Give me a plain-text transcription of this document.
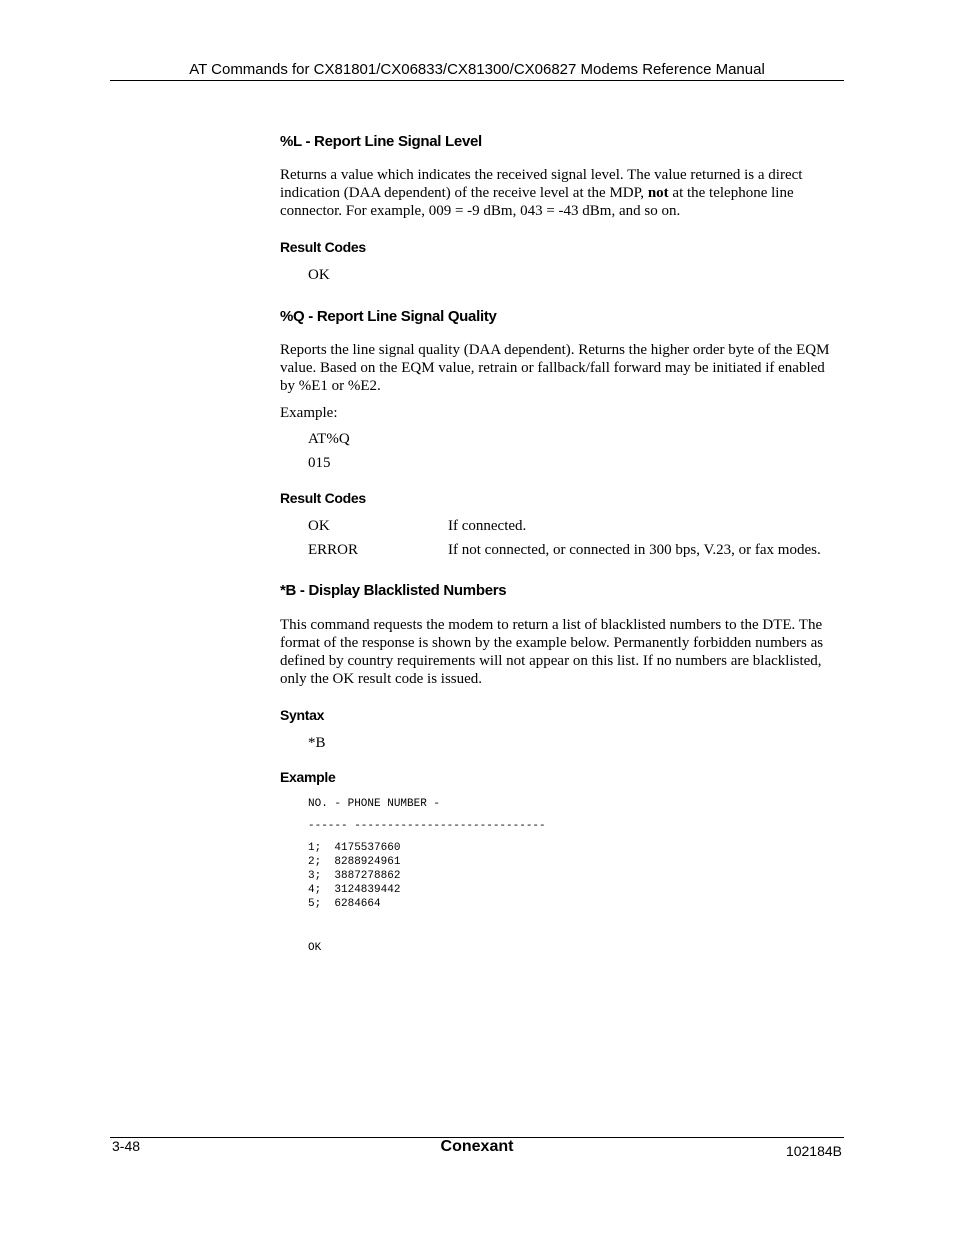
AT Commands for CX81801/CX06833/CX81300/CX06827 Modems Reference Manual
%L - Report Line Signal Level
Returns a value which indicates the received signal level. The value returned is a direct indication (DAA dependent) of the receive level at the MDP, not at the telephone line connector. For example, 009 = -9 dBm, 043 = -43 dBm, and so on.
Result Codes
OK
%Q - Report Line Signal Quality
Reports the line signal quality (DAA dependent). Returns the higher order byte of the EQM value. Based on the EQM value, retrain or fallback/fall forward may be initiated if enabled by %E1 or %E2.
Example:
AT%Q
015
Result Codes
OK	If connected.
ERROR	If not connected, or connected in 300 bps, V.23, or fax modes.
*B - Display Blacklisted Numbers
This command requests the modem to return a list of blacklisted numbers to the DTE. The format of the response is shown by the example below. Permanently forbidden numbers as defined by country requirements will not appear on this list. If no numbers are blacklisted, only the OK result code is issued.
Syntax
*B
Example
NO. - PHONE NUMBER -
------ -----------------------------
1;  4175537660
2;  8288924961
3;  3887278862
4;  3124839442
5;  6284664
OK
3-48	Conexant	102184B
